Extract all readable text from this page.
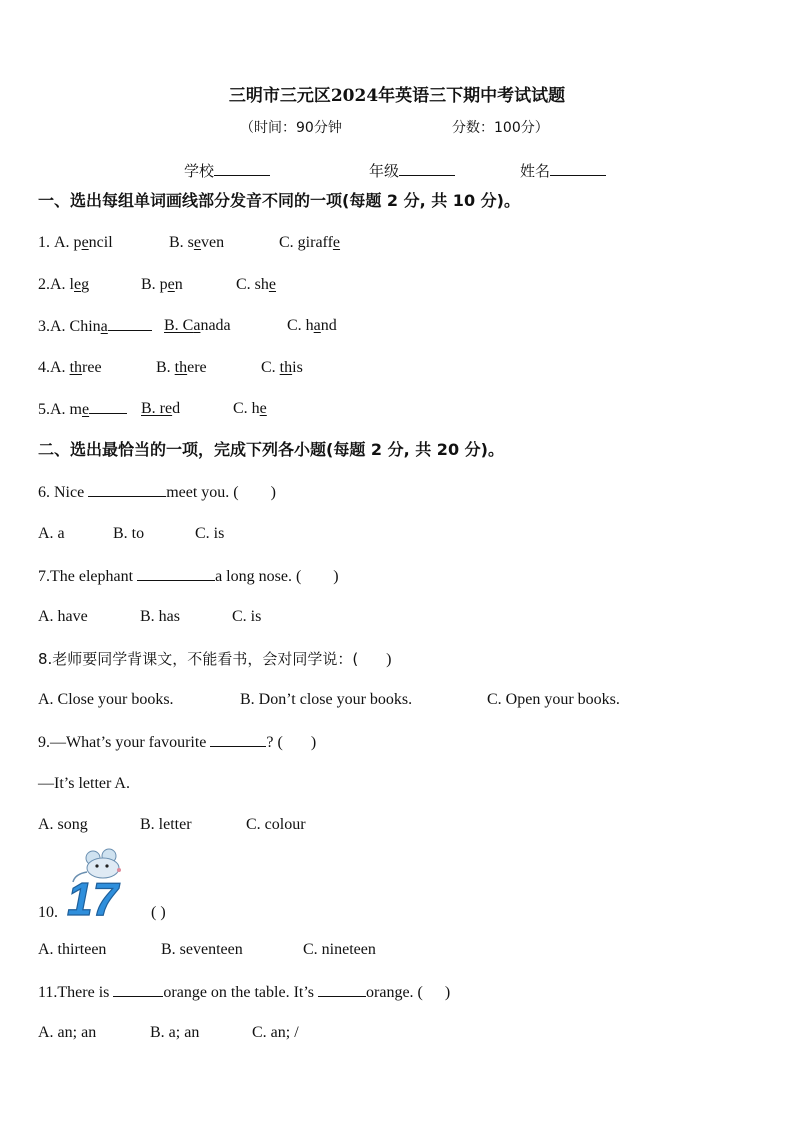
三明市三元区2024年英语三下期中考试试题
（时间：90分钟	分数：100分）
学校	年级	姓名
一、选出每组单词画线部分发音不同的一项(每题 2 分, 共 10 分)。
1. A. pencil	B. seven	C. giraffe
2.A. leg	B. pen	C. she
3.A. China	B. Canada	C. hand
4.A. three	B. there	C. this
5.A. me	B. red	C. he
二、选出最恰当的一项，完成下列各小题(每题 2 分, 共 20 分)。
6. Nice	meet you. ( )
A. a	B. to	C. is
7.The elephant	a long nose. ( )
A. have	B. has	C. is
8.老师要同学背课文，不能看书，会对同学说：( )
A. Close your books.	B. Don’t close your books.	C. Open your books.
9.—What’s your favourite	? ( )
—It’s letter A.
A. song	B. letter	C. colour
17
10.	( )
A. thirteen	B. seventeen	C. nineteen
11.There is	orange on the table. It’s	orange. ( )
A. an; an	B. a; an	C. an; /
